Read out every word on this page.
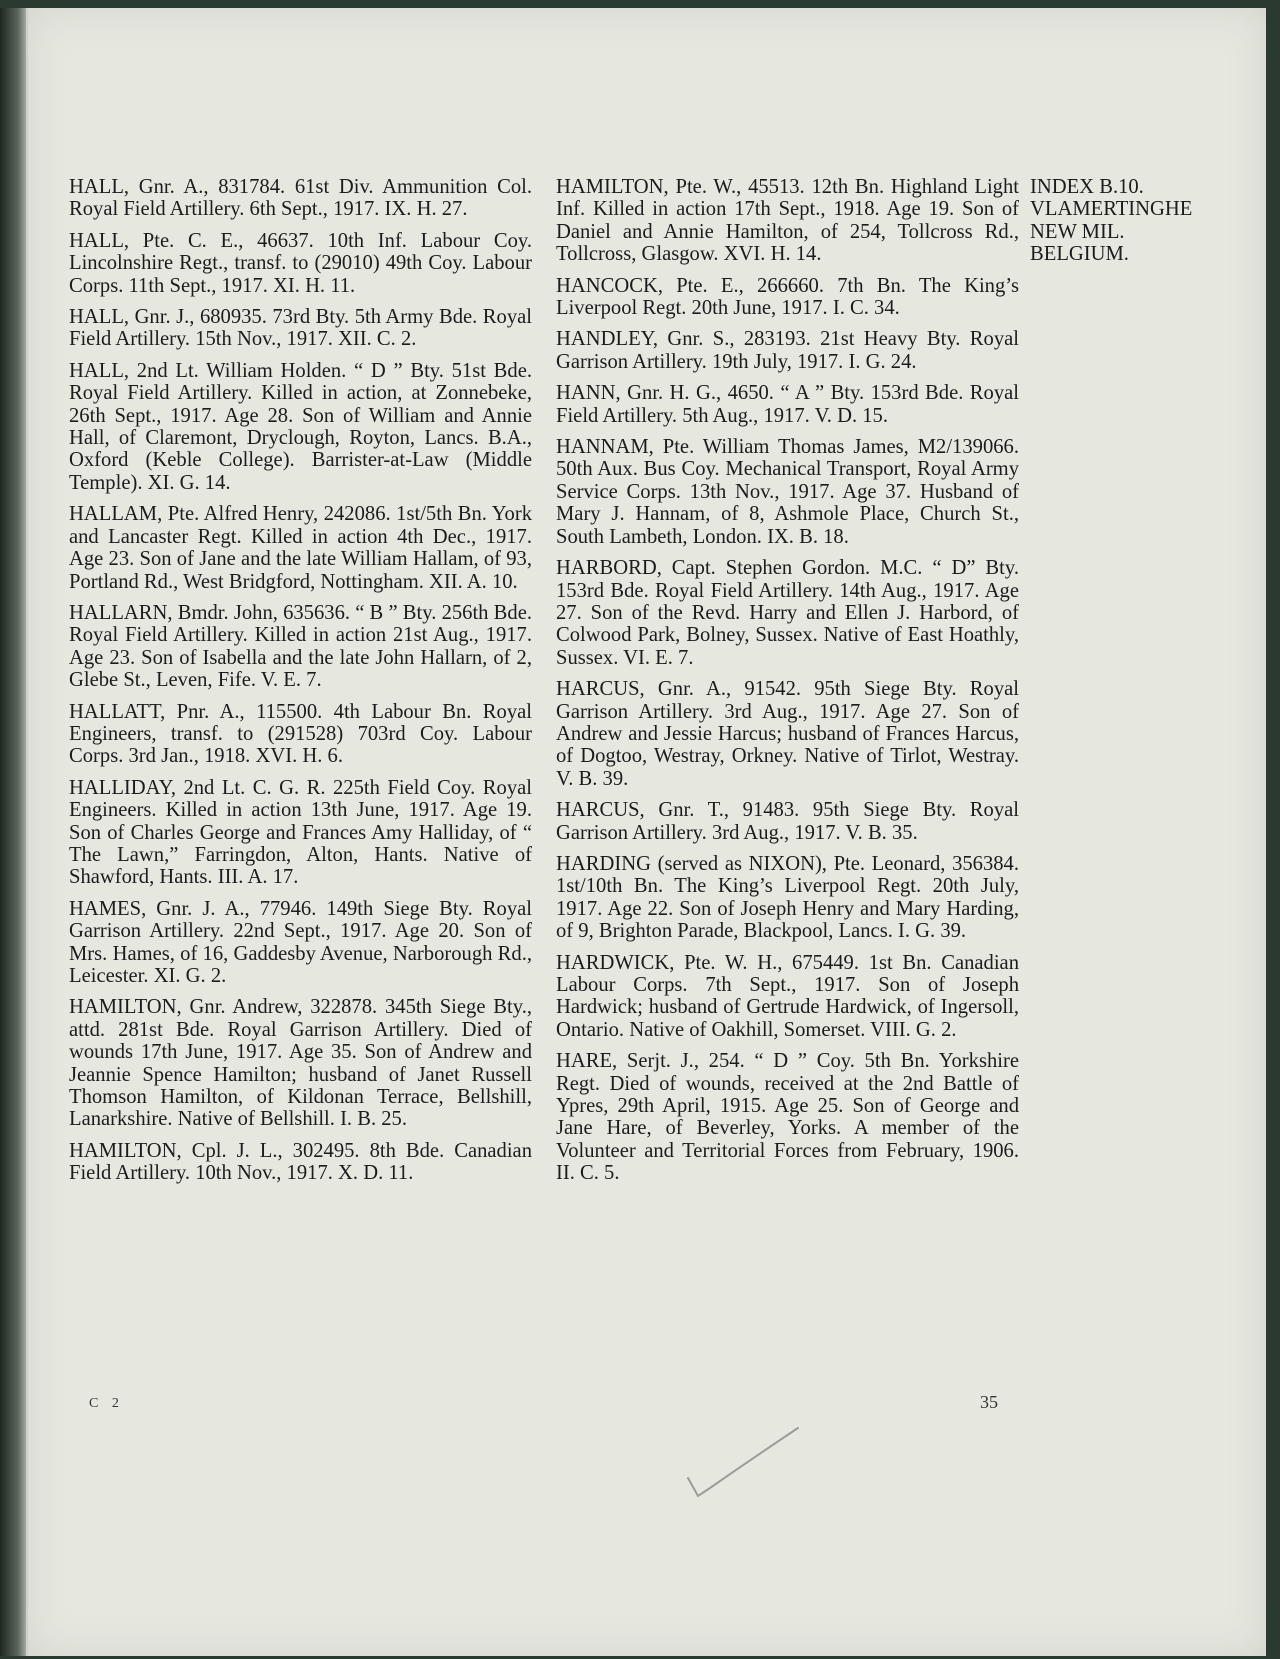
HALL, Gnr. A., 831784. 61st Div. Ammunition Col. Royal Field Artillery. 6th Sept., 1917. IX. H. 27.

HALL, Pte. C. E., 46637. 10th Inf. Labour Coy. Lincolnshire Regt., transf. to (29010) 49th Coy. Labour Corps. 11th Sept., 1917. XI. H. 11.

HALL, Gnr. J., 680935. 73rd Bty. 5th Army Bde. Royal Field Artillery. 15th Nov., 1917. XII. C. 2.

HALL, 2nd Lt. William Holden. “ D ” Bty. 51st Bde. Royal Field Artillery. Killed in action, at Zonnebeke, 26th Sept., 1917. Age 28. Son of William and Annie Hall, of Claremont, Dryclough, Royton, Lancs. B.A., Oxford (Keble College). Barrister-at-Law (Middle Temple). XI. G. 14.

HALLAM, Pte. Alfred Henry, 242086. 1st/5th Bn. York and Lancaster Regt. Killed in action 4th Dec., 1917. Age 23. Son of Jane and the late William Hallam, of 93, Portland Rd., West Bridgford, Nottingham. XII. A. 10.

HALLARN, Bmdr. John, 635636. “ B ” Bty. 256th Bde. Royal Field Artillery. Killed in action 21st Aug., 1917. Age 23. Son of Isabella and the late John Hallarn, of 2, Glebe St., Leven, Fife. V. E. 7.

HALLATT, Pnr. A., 115500. 4th Labour Bn. Royal Engineers, transf. to (291528) 703rd Coy. Labour Corps. 3rd Jan., 1918. XVI. H. 6.

HALLIDAY, 2nd Lt. C. G. R. 225th Field Coy. Royal Engineers. Killed in action 13th June, 1917. Age 19. Son of Charles George and Frances Amy Halliday, of “ The Lawn,” Farringdon, Alton, Hants. Native of Shawford, Hants. III. A. 17.

HAMES, Gnr. J. A., 77946. 149th Siege Bty. Royal Garrison Artillery. 22nd Sept., 1917. Age 20. Son of Mrs. Hames, of 16, Gaddesby Avenue, Narborough Rd., Leicester. XI. G. 2.

HAMILTON, Gnr. Andrew, 322878. 345th Siege Bty., attd. 281st Bde. Royal Garrison Artillery. Died of wounds 17th June, 1917. Age 35. Son of Andrew and Jeannie Spence Hamilton; husband of Janet Russell Thomson Hamilton, of Kildonan Terrace, Bellshill, Lanarkshire. Native of Bellshill. I. B. 25.

HAMILTON, Cpl. J. L., 302495. 8th Bde. Canadian Field Artillery. 10th Nov., 1917. X. D. 11.

HAMILTON, Pte. W., 45513. 12th Bn. Highland Light Inf. Killed in action 17th Sept., 1918. Age 19. Son of Daniel and Annie Hamilton, of 254, Tollcross Rd., Tollcross, Glasgow. XVI. H. 14.

HANCOCK, Pte. E., 266660. 7th Bn. The King’s Liverpool Regt. 20th June, 1917. I. C. 34.

HANDLEY, Gnr. S., 283193. 21st Heavy Bty. Royal Garrison Artillery. 19th July, 1917. I. G. 24.

HANN, Gnr. H. G., 4650. “ A ” Bty. 153rd Bde. Royal Field Artillery. 5th Aug., 1917. V. D. 15.

HANNAM, Pte. William Thomas James, M2/139066. 50th Aux. Bus Coy. Mechanical Transport, Royal Army Service Corps. 13th Nov., 1917. Age 37. Husband of Mary J. Hannam, of 8, Ashmole Place, Church St., South Lambeth, London. IX. B. 18.

HARBORD, Capt. Stephen Gordon. M.C. “ D” Bty. 153rd Bde. Royal Field Artillery. 14th Aug., 1917. Age 27. Son of the Revd. Harry and Ellen J. Harbord, of Colwood Park, Bolney, Sussex. Native of East Hoathly, Sussex. VI. E. 7.

HARCUS, Gnr. A., 91542. 95th Siege Bty. Royal Garrison Artillery. 3rd Aug., 1917. Age 27. Son of Andrew and Jessie Harcus; husband of Frances Harcus, of Dogtoo, Westray, Orkney. Native of Tirlot, Westray. V. B. 39.

HARCUS, Gnr. T., 91483. 95th Siege Bty. Royal Garrison Artillery. 3rd Aug., 1917. V. B. 35.

HARDING (served as NIXON), Pte. Leonard, 356384. 1st/10th Bn. The King’s Liverpool Regt. 20th July, 1917. Age 22. Son of Joseph Henry and Mary Harding, of 9, Brighton Parade, Blackpool, Lancs. I. G. 39.

HARDWICK, Pte. W. H., 675449. 1st Bn. Canadian Labour Corps. 7th Sept., 1917. Son of Joseph Hardwick; husband of Gertrude Hardwick, of Ingersoll, Ontario. Native of Oakhill, Somerset. VIII. G. 2.

HARE, Serjt. J., 254. “ D ” Coy. 5th Bn. Yorkshire Regt. Died of wounds, received at the 2nd Battle of Ypres, 29th April, 1915. Age 25. Son of George and Jane Hare, of Beverley, Yorks. A member of the Volunteer and Territorial Forces from February, 1906. II. C. 5.

INDEX B.10.
VLAMERTINGHE
NEW MIL.
BELGIUM.
C 2	35
